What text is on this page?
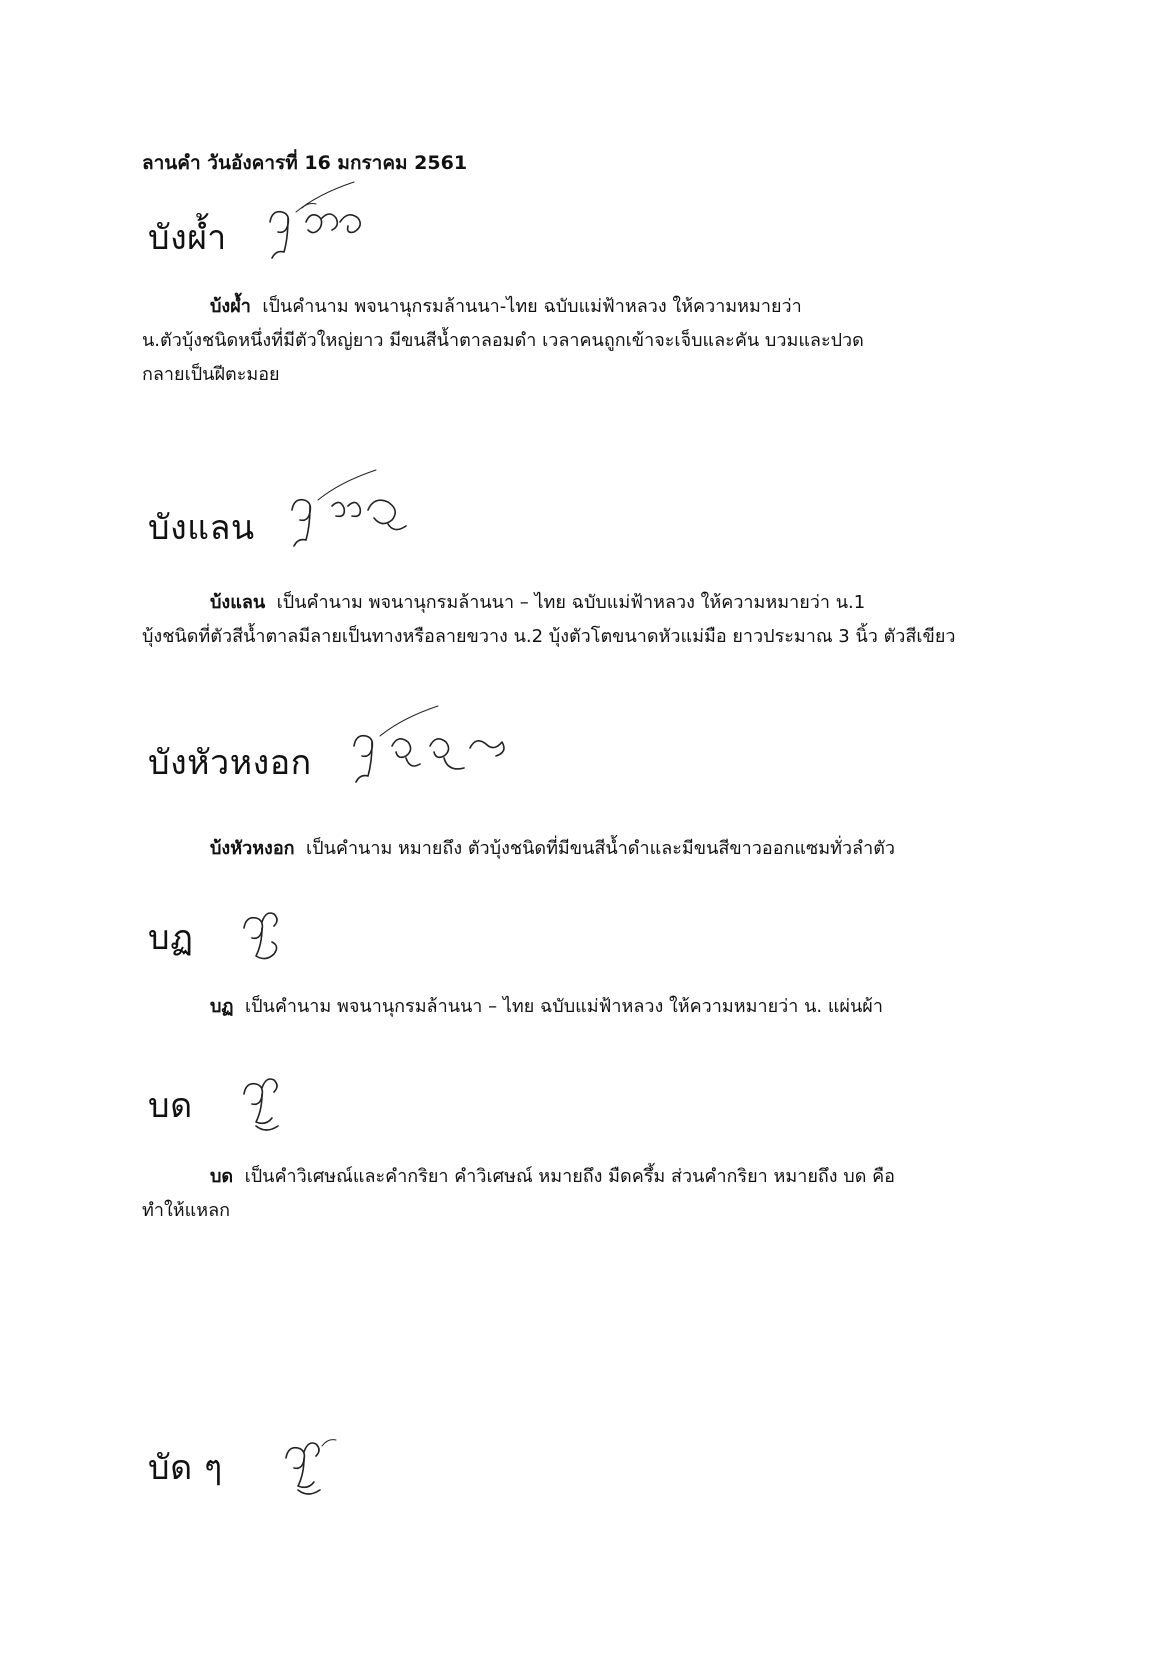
ลานคำ วันอังคารที่ 16 มกราคม 2561
บังผ้ำ
บ้งผ้ำ เป็นคำนาม พจนานุกรมล้านนา-ไทย ฉบับแม่ฟ้าหลวง ให้ความหมายว่า
น.ตัวบุ้งชนิดหนึ่งที่มีตัวใหญ่ยาว มีขนสีน้ำตาลอมดำ เวลาคนถูกเข้าจะเจ็บและคัน บวมและปวด
กลายเป็นฝีตะมอย
บังแลน
บ้งแลน เป็นคำนาม พจนานุกรมล้านนา – ไทย ฉบับแม่ฟ้าหลวง ให้ความหมายว่า น.1
บุ้งชนิดที่ตัวสีน้ำตาลมีลายเป็นทางหรือลายขวาง น.2 บุ้งตัวโตขนาดหัวแม่มือ ยาวประมาณ 3 นิ้ว ตัวสีเขียว
บังหัวหงอก
บ้งหัวหงอก เป็นคำนาม หมายถึง ตัวบุ้งชนิดที่มีขนสีน้ำดำและมีขนสีขาวออกแซมทั่วลำตัว
บฏ
บฏ เป็นคำนาม พจนานุกรมล้านนา – ไทย ฉบับแม่ฟ้าหลวง ให้ความหมายว่า น. แผ่นผ้า
บด
บด เป็นคำวิเศษณ์และคำกริยา คำวิเศษณ์ หมายถึง มืดครึ้ม ส่วนคำกริยา หมายถึง บด คือ
ทำให้แหลก
บัด ๆ
